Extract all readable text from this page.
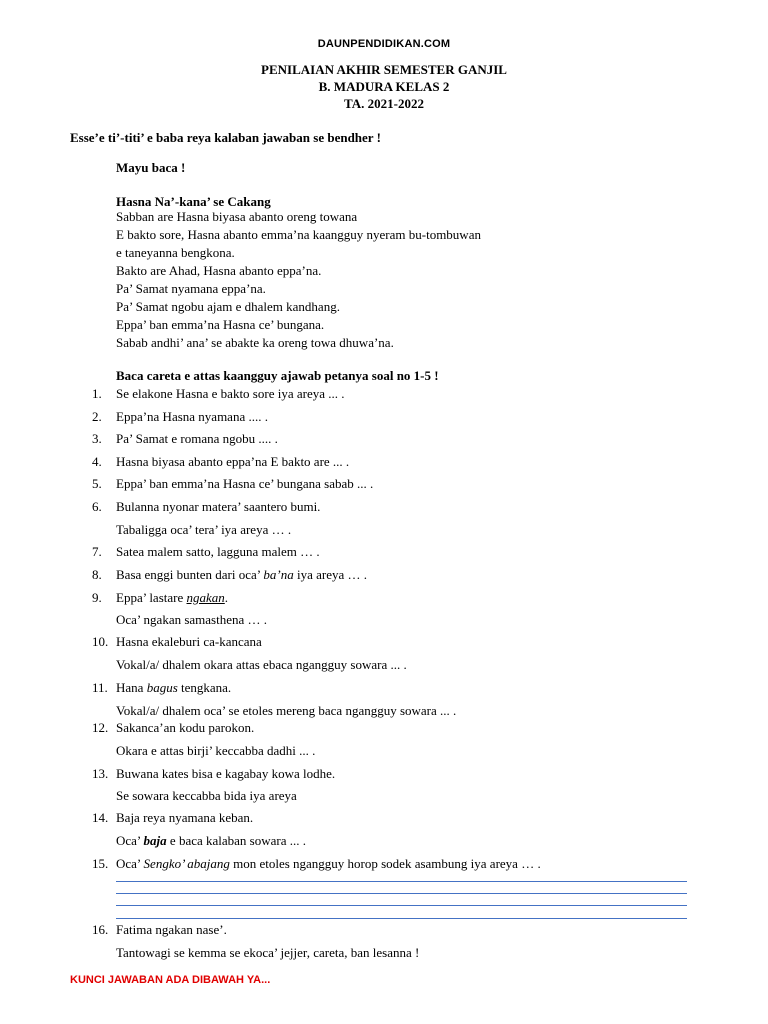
DAUNPENDIDIKAN.COM
PENILAIAN AKHIR SEMESTER GANJIL
B. MADURA KELAS 2
TA. 2021-2022
Esse’e ti’-titi’ e baba reya kalaban jawaban se bendher !
Mayu baca !
Hasna Na’-kana’ se Cakang
Sabban are Hasna biyasa abanto oreng towana
E bakto sore, Hasna abanto emma’na kaangguy nyeram bu-tombuwan
e taneyanna bengkona.
Bakto are Ahad, Hasna abanto eppa’na.
Pa’ Samat nyamana eppa’na.
Pa’ Samat ngobu ajam e dhalem kandhang.
Eppa’ ban emma’na Hasna ce’ bungana.
Sabab andhi’ ana’ se abakte ka oreng towa dhuwa’na.
Baca careta e attas kaangguy ajawab petanya soal no 1-5 !
1.	Se elakone Hasna e bakto sore iya areya ... .
2.	Eppa’na Hasna nyamana .... .
3.	Pa’ Samat e romana ngobu .... .
4.	Hasna biyasa abanto eppa’na E bakto are ... .
5.	Eppa’ ban emma’na Hasna ce’ bungana sabab ... .
6.	Bulanna nyonar matera’ saantero bumi.
Tabaligga oca’ tera’ iya areya … .
7.	Satea malem satto, lagguna malem … .
8.	Basa enggi bunten dari oca’ ba’na iya areya … .
9.	Eppa’ lastare ngakan.
Oca’ ngakan samasthena … .
10. Hasna ekaleburi ca-kancana
Vokal/a/ dhalem okara attas ebaca ngangguy sowara ... .
11. Hana bagus tengkana.
Vokal/a/ dhalem oca’ se etoles mereng baca ngangguy sowara ... .
12. Sakanca’an kodu parokon.
Okara e attas birji’ keccabba dadhi ... .
13. Buwana kates bisa e kagabay kowa lodhe.
Se sowara keccabba bida iya areya
14. Baja reya nyamana keban.
Oca’ baja e baca kalaban sowara ... .
15. Oca’ Sengko’ abajang mon etoles ngangguy horop sodek asambung iya areya … .
16. Fatima ngakan nase’.
Tantowagi se kemma se ekoca’ jejjer, careta, ban lesanna !
KUNCI JAWABAN ADA DIBAWAH YA...
